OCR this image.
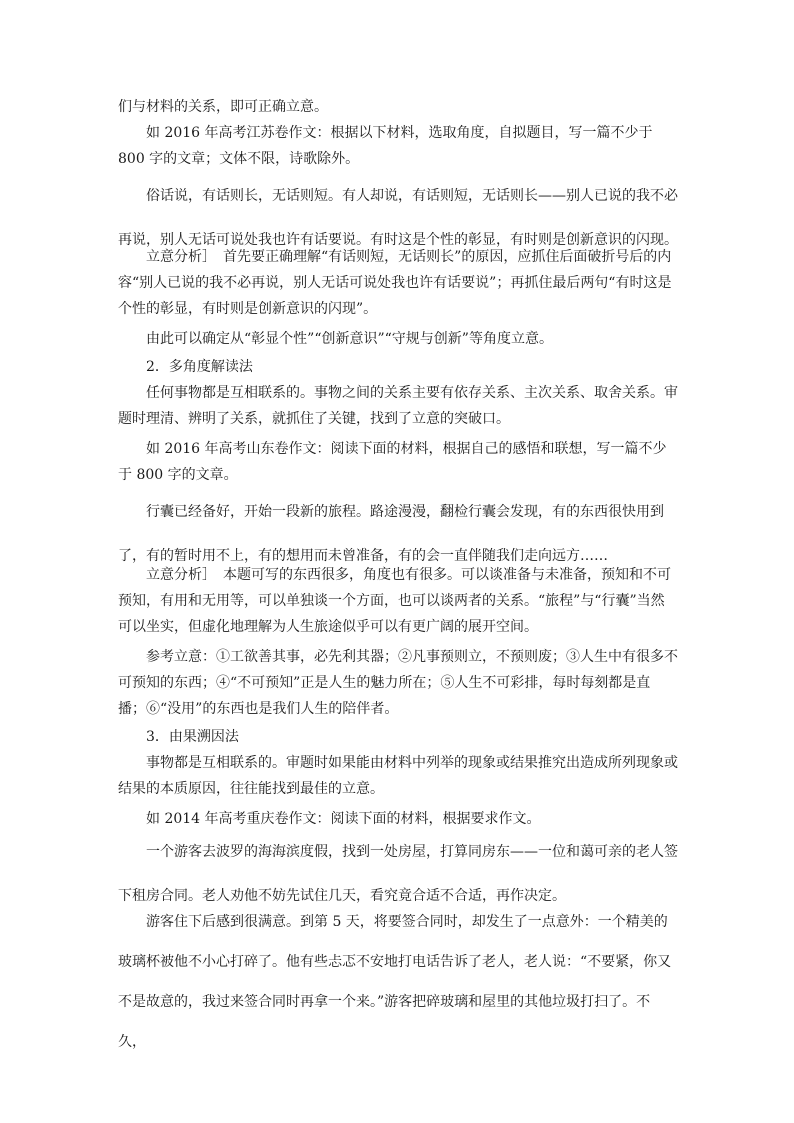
们与材料的关系，即可正确立意。

如 2016 年高考江苏卷作文：根据以下材料，选取角度，自拟题目，写一篇不少于 800 字的文章；文体不限，诗歌除外。

俗话说，有话则长，无话则短。有人却说，有话则短，无话则长——别人已说的我不必再说，别人无话可说处我也许有话要说。有时这是个性的彰显，有时则是创新意识的闪现。

立意分析］　首先要正确理解“有话则短，无话则长”的原因，应抓住后面破折号后的内容“别人已说的我不必再说，别人无话可说处我也许有话要说”；再抓住最后两句“有时这是个性的彰显，有时则是创新意识的闪现”。

由此可以确定从“彰显个性”“创新意识”“守规与创新”等角度立意。

2．多角度解读法

任何事物都是互相联系的。事物之间的关系主要有依存关系、主次关系、取舍关系。审题时理清、辨明了关系，就抓住了关键，找到了立意的突破口。

如 2016 年高考山东卷作文：阅读下面的材料，根据自己的感悟和联想，写一篇不少于 800 字的文章。

行囊已经备好，开始一段新的旅程。路途漫漫，翻检行囊会发现，有的东西很快用到了，有的暂时用不上，有的想用而未曾准备，有的会一直伴随我们走向远方……

立意分析］　本题可写的东西很多，角度也有很多。可以谈准备与未准备，预知和不可预知，有用和无用等，可以单独谈一个方面，也可以谈两者的关系。“旅程”与“行囊”当然可以坐实，但虚化地理解为人生旅途似乎可以有更广阔的展开空间。

参考立意：①工欲善其事，必先利其器；②凡事预则立，不预则废；③人生中有很多不可预知的东西；④“不可预知”正是人生的魅力所在；⑤人生不可彩排，每时每刻都是直播；⑥“没用”的东西也是我们人生的陪伴者。

3．由果溯因法

事物都是互相联系的。审题时如果能由材料中列举的现象或结果推究出造成所列现象或结果的本质原因，往往能找到最佳的立意。

如 2014 年高考重庆卷作文：阅读下面的材料，根据要求作文。

一个游客去波罗的海海滨度假，找到一处房屋，打算同房东——一位和蔼可亲的老人签下租房合同。老人劝他不妨先试住几天，看究竟合适不合适，再作决定。

游客住下后感到很满意。到第 5 天，将要签合同时，却发生了一点意外：一个精美的玻璃杯被他不小心打碎了。他有些忐忑不安地打电话告诉了老人，老人说：“不要紧，你又不是故意的，我过来签合同时再拿一个来。”游客把碎玻璃和屋里的其他垃圾打扫了。不久，
